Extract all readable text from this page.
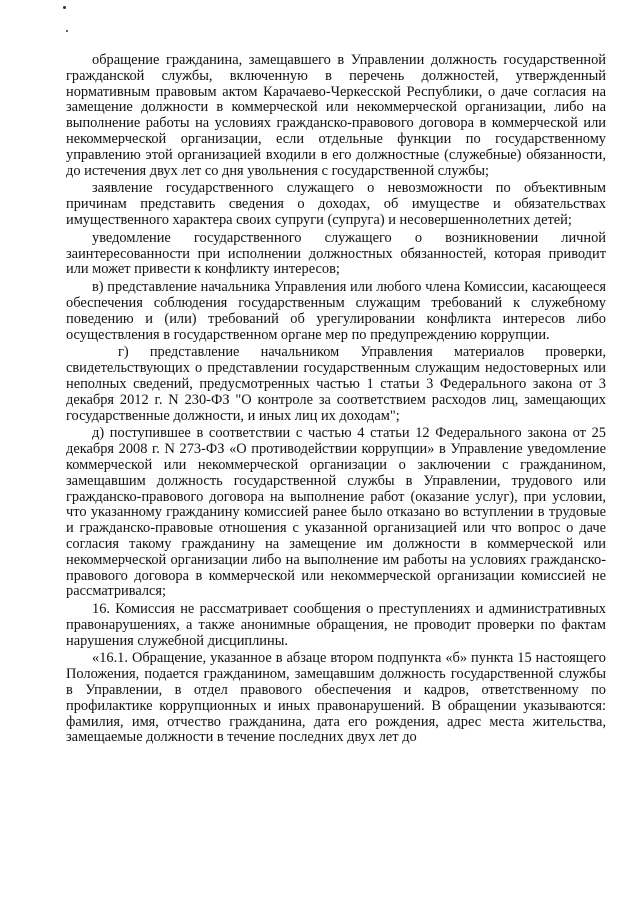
обращение гражданина, замещавшего в Управлении должность государственной гражданской службы, включенную в перечень должностей, утвержденный нормативным правовым актом Карачаево-Черкесской Республики, о даче согласия на замещение должности в коммерческой или некоммерческой организации, либо на выполнение работы на условиях гражданско-правового договора в коммерческой или некоммерческой организации, если отдельные функции по государственному управлению этой организацией входили в его должностные (служебные) обязанности, до истечения двух лет со дня увольнения с государственной службы;

заявление государственного служащего о невозможности по объективным причинам представить сведения о доходах, об имуществе и обязательствах имущественного характера своих супруги (супруга) и несовершеннолетних детей;

уведомление государственного служащего о возникновении личной заинтересованности при исполнении должностных обязанностей, которая приводит или может привести к конфликту интересов;

в) представление начальника Управления или любого члена Комиссии, касающееся обеспечения соблюдения государственным служащим требований к служебному поведению и (или) требований об урегулировании конфликта интересов либо осуществления в государственном органе мер по предупреждению коррупции.

г) представление начальником Управления материалов проверки, свидетельствующих о представлении государственным служащим недостоверных или неполных сведений, предусмотренных частью 1 статьи 3 Федерального закона от 3 декабря 2012 г. N 230-ФЗ "О контроле за соответствием расходов лиц, замещающих государственные должности, и иных лиц их доходам";

д) поступившее в соответствии с частью 4 статьи 12 Федерального закона от 25 декабря 2008 г. N 273-ФЗ «О противодействии коррупции» в Управление уведомление коммерческой или некоммерческой организации о заключении с гражданином, замещавшим должность государственной службы в Управлении, трудового или гражданско-правового договора на выполнение работ (оказание услуг), при условии, что указанному гражданину комиссией ранее было отказано во вступлении в трудовые и гражданско-правовые отношения с указанной организацией или что вопрос о даче согласия такому гражданину на замещение им должности в коммерческой или некоммерческой организации либо на выполнение им работы на условиях гражданско-правового договора в коммерческой или некоммерческой организации комиссией не рассматривался;

16. Комиссия не рассматривает сообщения о преступлениях и административных правонарушениях, а также анонимные обращения, не проводит проверки по фактам нарушения служебной дисциплины.

«16.1. Обращение, указанное в абзаце втором подпункта «б» пункта 15 настоящего Положения, подается гражданином, замещавшим должность государственной службы в Управлении, в отдел правового обеспечения и кадров, ответственному по профилактике коррупционных и иных правонарушений. В обращении указываются: фамилия, имя, отчество гражданина, дата его рождения, адрес места жительства, замещаемые должности в течение последних двух лет до
